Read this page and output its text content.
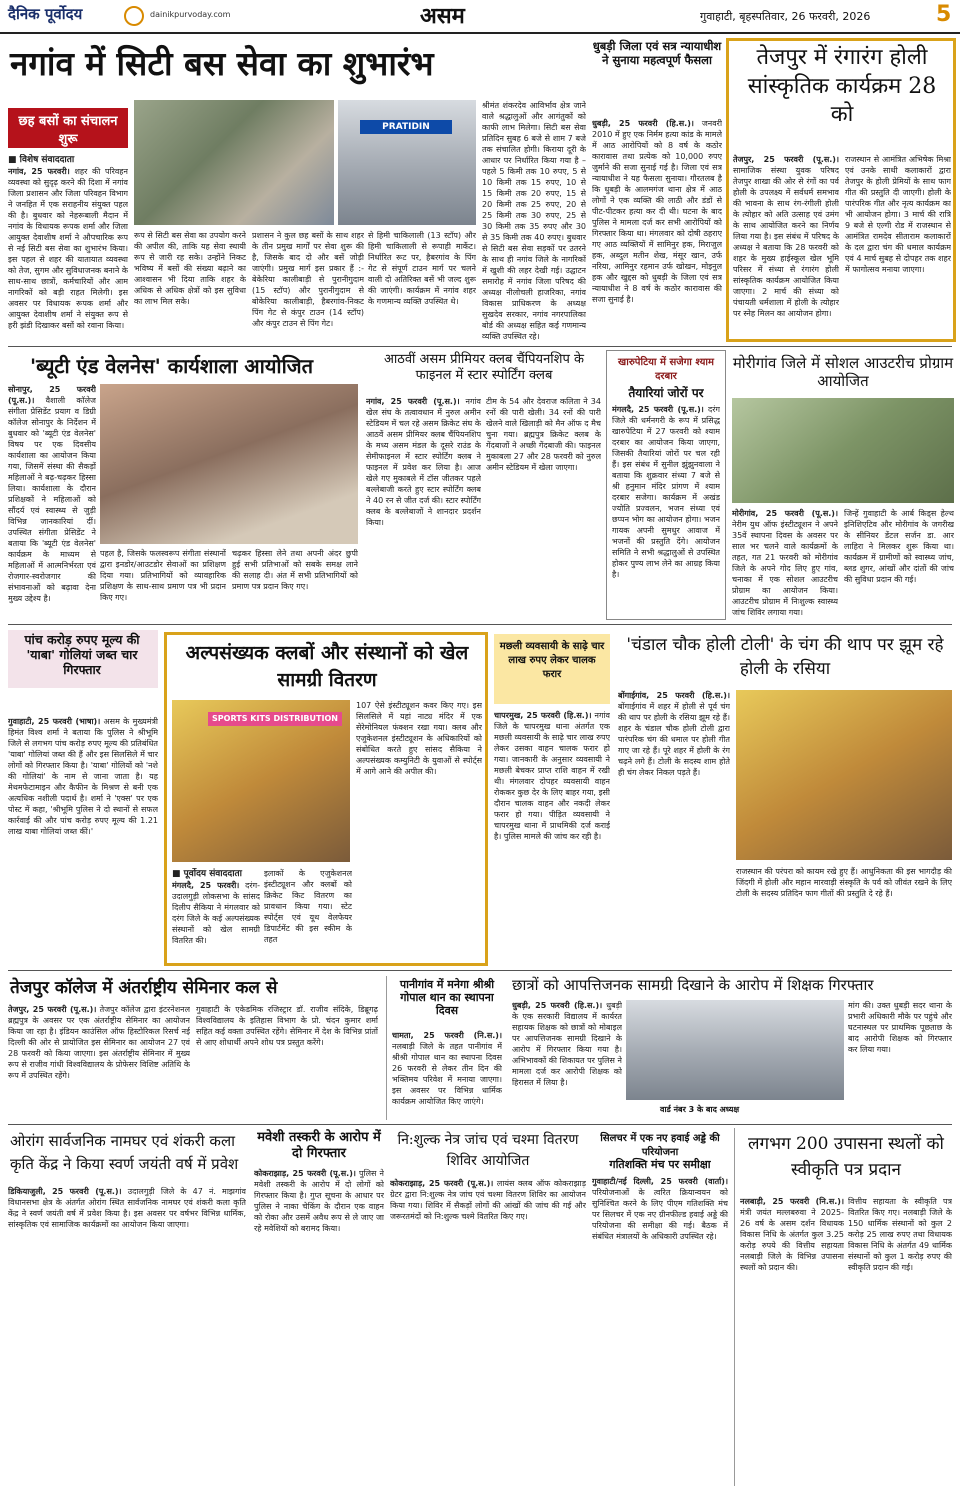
दैनिक पूर्वोदय	dainikpurvoday.com	असम	गुवाहाटी, बृहस्पतिवार, 26 फरवरी, 2026	5
नगांव में सिटी बस सेवा का शुभारंभ
छह बसों का संचालन शुरू
PRATIDIN
■ विशेष संवाददाता
नगांव, 25 फरवरी। शहर की परिवहन व्यवस्था को सुदृढ़ करने की दिशा में नगांव जिला प्रशासन और जिला परिवहन विभाग ने जनहित में एक सराहनीय संयुक्त पहल की है। बुधवार को नेहरूबाली मैदान में नगांव के विधायक रूपक शर्मा और जिला आयुक्त देवाशीष शर्मा ने औपचारिक रूप से नई सिटी बस सेवा का शुभारंभ किया। इस पहल से शहर की यातायात व्यवस्था को तेज, सुगम और सुविधाजनक बनाने के साथ-साथ छात्रों, कर्मचारियों और आम नागरिकों को बड़ी राहत मिलेगी। इस अवसर पर विधायक रूपक शर्मा और आयुक्त देवाशीष शर्मा ने संयुक्त रूप से हरी झंडी दिखाकर बसों को रवाना किया।
रूप से सिटी बस सेवा का उपयोग करने की अपील की, ताकि यह सेवा स्थायी रूप से जारी रह सके। उन्होंने निकट भविष्य में बसों की संख्या बढ़ाने का आश्वासन भी दिया ताकि शहर के अधिक से अधिक क्षेत्रों को इस सुविधा का लाभ मिल सके।
प्रशासन ने कुल छह बसों के साथ शहर के तीन प्रमुख मार्गों पर सेवा शुरू की है, जिसके बाद दो और बसें जोड़ी जाएंगी। प्रमुख मार्ग इस प्रकार हैं :- बेकेरिया कालीबाड़ी से पुरानीगुदाम (15 स्टॉप) और पुरानीगुदाम से बोकेरिया कालीबाड़ी, हैबरगांव-निकट पिंग गेट से कंपुर टाउन (14 स्टॉप) और कंपुर टाउन से पिंग गेट।
से हिमी चाकिलाली (13 स्टॉप) और हिमी चाकिलाली से रूपाही मार्केट। निर्धारित रूट पर, हैबरगांव के पिंग गेट से संपूर्ण टाउन मार्ग पर चलने वाली दो अतिरिक्त बसें भी जल्द शुरू की जाएंगी। कार्यक्रम में नगांव शहर के गणमान्य व्यक्ति उपस्थित थे।
श्रीमंत शंकरदेव आविर्भाव क्षेत्र जाने वाले श्रद्धालुओं और आगंतुकों को काफी लाभ मिलेगा। सिटी बस सेवा प्रतिदिन सुबह 6 बजे से शाम 7 बजे तक संचालित होगी। किराया दूरी के आधार पर निर्धारित किया गया है – पहले 5 किमी तक 10 रुपए, 5 से 10 किमी तक 15 रुपए, 10 से 15 किमी तक 20 रुपए, 15 से 20 किमी तक 25 रुपए, 20 से 25 किमी तक 30 रुपए, 25 से 30 किमी तक 35 रुपए और 30 से 35 किमी तक 40 रुपए। बुधवार से सिटी बस सेवा सड़कों पर उतरने के साथ ही नगांव जिले के नागरिकों में खुशी की लहर देखी गई। उद्घाटन समारोह में नगांव जिला परिषद की अध्यक्ष नीलोचली हाजरिका, नगांव विकास प्राधिकरण के अध्यक्ष सुखदेव सरकार, नगांव नगरपालिका बोर्ड की अध्यक्ष सहित कई गणमान्य व्यक्ति उपस्थित रहे।
धुबड़ी जिला एवं सत्र न्यायाधीश ने सुनाया महत्वपूर्ण फैसला
धुबड़ी, 25 फरवरी (हि.स.)। जनवरी 2010 में हुए एक निर्मम हत्या कांड के मामले में आठ आरोपियों को 8 वर्ष के कठोर कारावास तथा प्रत्येक को 10,000 रुपए जुर्माने की सजा सुनाई गई है। जिला एवं सत्र न्यायाधीश ने यह फैसला सुनाया। गौरतलब है कि धुबड़ी के आलमगंज थाना क्षेत्र में आठ लोगों ने एक व्यक्ति की लाठी और डंडों से पीट-पीटकर हत्या कर दी थी। घटना के बाद पुलिस ने मामला दर्ज कर सभी आरोपियों को गिरफ्तार किया था। मंगलवार को दोषी ठहराए गए आठ व्यक्तियों में सामिनुर हक, मिराजुल हक, अब्दुल मतीन शेख, मंसूर खान, उर्फ नरिया, आमिनुर रहमान उर्फ खोखन, मोइनुल हक और खुद्दस को धुबड़ी के जिला एवं सत्र न्यायाधीश ने 8 वर्ष के कठोर कारावास की सजा सुनाई है।
तेजपुर में रंगारंग होली सांस्कृतिक कार्यक्रम 28 को
तेजपुर, 25 फरवरी (पू.स.)। सामाजिक संस्था युवक परिषद तेजपुर शाखा की ओर से रंगों का पर्व होली के उपलक्ष्य में सर्वधर्म समभाव की भावना के साथ रंग-रंगीली होली के त्योहार को अति उत्साह एवं उमंग के साथ आयोजित करने का निर्णय लिया गया है। इस संबंध में परिषद के अध्यक्ष ने बताया कि 28 फरवरी को शहर के मुख्य हाईस्कूल खेल भूमि परिसर में संध्या से रंगारंग होली सांस्कृतिक कार्यक्रम आयोजित किया जाएगा। 2 मार्च की संध्या को पंचायती धर्मशाला में होली के त्योहार पर स्नेह मिलन का आयोजन होगा।
राजस्थान से आमंत्रित अभिषेक मिश्रा एवं उनके साथी कलाकारों द्वारा तेजपुर के होली प्रेमियों के साथ फाग गीत की प्रस्तुति दी जाएगी। होली के पारंपरिक गीत और नृत्य कार्यक्रम का भी आयोजन होगा। 3 मार्च की रात्रि 9 बजे से एल्गी रोड में राजस्थान से आमंत्रित रामदेव सीताराम कलाकारों के दल द्वारा चंग की धमाल कार्यक्रम एवं 4 मार्च सुबह से दोपहर तक शहर में फागोत्सव मनाया जाएगा।
'ब्यूटी एंड वेलनेस' कार्यशाला आयोजित
सोनापुर, 25 फरवरी (पू.स.)। वैशाली कॉलेज संगीता प्रेसिडेंट प्रयाग व डिग्री कॉलेज सोनापुर के निर्देशन में बुधवार को 'ब्यूटी एंड वेलनेस' विषय पर एक दिवसीय कार्यशाला का आयोजन किया गया, जिसमें संस्था की सैकड़ों महिलाओं ने बढ़-चढ़कर हिस्सा लिया। कार्यशाला के दौरान प्रशिक्षकों ने महिलाओं को सौंदर्य एवं स्वास्थ्य से जुड़ी विभिन्न जानकारियां दीं। उपस्थित संगीता प्रेसिडेंट ने बताया कि 'ब्यूटी एंड वेलनेस' कार्यक्रम के माध्यम से महिलाओं में आत्मनिर्भरता एवं रोजगार-स्वरोजगार की संभावनाओं को बढ़ावा देना मुख्य उद्देश्य है।
पहल है, जिसके फलस्वरूप संगीता संस्थानों द्वारा इनडोर/आउटडोर सेवाओं का प्रशिक्षण दिया गया। प्रतिभागियों को व्यावहारिक प्रशिक्षण के साथ-साथ प्रमाण पत्र भी प्रदान किए गए।
चढ़कर हिस्सा लेने तथा अपनी अंदर छुपी हुई सभी प्रतिभाओं को सबके समक्ष लाने की सलाह दी। अंत में सभी प्रतिभागियों को प्रमाण पत्र प्रदान किए गए।
आठवीं असम प्रीमियर क्लब चैंपियनशिप के फाइनल में स्टार स्पोर्टिंग क्लब
नगांव, 25 फरवरी (पू.स.)। नगांव खेल संघ के तत्वावधान में नुरुल अमीन स्टेडियम में चल रहे असम क्रिकेट संघ के आठवें असम प्रीमियर क्लब चैंपियनशिप के मध्य असम मंडल के दूसरे राउंड के सेमीफाइनल में स्टार स्पोर्टिंग क्लब ने फाइनल में प्रवेश कर लिया है। आज खेले गए मुकाबले में टॉस जीतकर पहले बल्लेबाजी करते हुए स्टार स्पोर्टिंग क्लब ने 40 रन से जीत दर्ज की। स्टार स्पोर्टिंग क्लब के बल्लेबाजों ने शानदार प्रदर्शन किया।
टीम के 54 और देवराज कलिता ने 34 रनों की पारी खेली। 34 रनों की पारी खेलने वाले खिलाड़ी को मैन ऑफ द मैच चुना गया। ब्रह्मपुत्र क्रिकेट क्लब के गेंदबाजों ने अच्छी गेंदबाजी की। फाइनल मुकाबला 27 और 28 फरवरी को नुरुल अमीन स्टेडियम में खेला जाएगा।
खारुपेटिया में सजेगा श्याम दरबार
तैयारियां जोरों पर
मंगलदै, 25 फरवरी (पू.स.)। दरंग जिले की धर्मनगरी के रूप में प्रसिद्ध खारुपेटिया में 27 फरवरी को श्याम दरबार का आयोजन किया जाएगा, जिसकी तैयारियां जोरों पर चल रही हैं। इस संबंध में सुनील झुंझुनवाला ने बताया कि शुक्रवार संध्या 7 बजे से श्री हनुमान मंदिर प्रांगण में श्याम दरबार सजेगा। कार्यक्रम में अखंड ज्योति प्रज्वलन, भजन संध्या एवं छप्पन भोग का आयोजन होगा। भजन गायक अपनी सुमधुर आवाज में भजनों की प्रस्तुति देंगे। आयोजन समिति ने सभी श्रद्धालुओं से उपस्थित होकर पुण्य लाभ लेने का आग्रह किया है।
मोरीगांव जिले में सोशल आउटरीच प्रोग्राम आयोजित
मोरीगांव, 25 फरवरी (पू.स.)। नेरीम युथ ऑफ इंस्टीट्यूशन ने अपने 35वें स्थापना दिवस के अवसर पर साल भर चलने वाले कार्यक्रमों के तहत, गत 21 फरवरी को मोरीगांव जिले के अपने गोद लिए हुए गांव, चनाका में एक सोशल आउटरीच प्रोग्राम का आयोजन किया। आउटरीच प्रोग्राम में निःशुल्क स्वास्थ्य जांच शिविर लगाया गया।
जिन्हें गुवाहाटी के आर्ब किड्स हेल्थ इनिशिएटिव और मोरीगांव के जगरीख के सीनियर डेंटल सर्जन डा. आर लाहिरा ने मिलकर शुरू किया था। कार्यक्रम में ग्रामीणों को स्वास्थ्य जांच, ब्लड शुगर, आंखों और दांतों की जांच की सुविधा प्रदान की गई।
पांच करोड़ रुपए मूल्य की 'याबा' गोलियां जब्त चार गिरफ्तार
गुवाहाटी, 25 फरवरी (भाषा)। असम के मुख्यमंत्री हिमंत विश्व शर्मा ने बताया कि पुलिस ने श्रीभूमि जिले से लगभग पांच करोड़ रुपए मूल्य की प्रतिबंधित 'याबा' गोलियां जब्त की हैं और इस सिलसिले में चार लोगों को गिरफ्तार किया है। 'याबा' गोलियों को 'नशे की गोलियां' के नाम से जाना जाता है। यह मेथमफेटामाइन और कैफीन के मिश्रण से बनी एक अत्यधिक नशीली पदार्थ है। शर्मा ने 'एक्स' पर एक पोस्ट में कहा, 'श्रीभूमि पुलिस ने दो स्थानों से सफल कार्रवाई की और पांच करोड़ रुपए मूल्य की 1.21 लाख याबा गोलियां जब्त कीं।'
अल्पसंख्यक क्लबों और संस्थानों को खेल सामग्री वितरण
SPORTS KITS DISTRIBUTION
107 ऐसे इंस्टीट्यूशन कवर किए गए। इस सिलसिले में यहां नाट्य मंदिर में एक सेरेमोनियल फंक्शन रखा गया। क्लब और एजुकेशनल इंस्टीट्यूशन के अधिकारियों को संबोधित करते हुए सांसद सैकिया ने अल्पसंख्यक कम्युनिटी के युवाओं से स्पोर्ट्स में आगे आने की अपील की।
■ पूर्वोदय संवाददाता
मंगलदै, 25 फरवरी। दरंग-उदालगुड़ी लोकसभा के सांसद दिलीप सैकिया ने मंगलवार को दरंग जिले के कई अल्पसंख्यक संस्थानों को खेल सामग्री वितरित की।
इलाकों के एजुकेशनल इंस्टीट्यूशन और क्लबों को क्रिकेट किट वितरण का प्रावधान किया गया। स्टेट स्पोर्ट्स एवं यूथ वेलफेयर डिपार्टमेंट की इस स्कीम के तहत
मछली व्यवसायी के साढ़े चार लाख रुपए लेकर चालक फरार
चापरमुख, 25 फरवरी (हि.स.)। नगांव जिले के चापरमुख थाना अंतर्गत एक मछली व्यवसायी के साढ़े चार लाख रुपए लेकर उसका वाहन चालक फरार हो गया। जानकारी के अनुसार व्यवसायी ने मछली बेचकर प्राप्त राशि वाहन में रखी थी। मंगलवार दोपहर व्यवसायी वाहन रोककर कुछ देर के लिए बाहर गया, इसी दौरान चालक वाहन और नकदी लेकर फरार हो गया। पीड़ित व्यवसायी ने चापरमुख थाना में प्राथमिकी दर्ज कराई है। पुलिस मामले की जांच कर रही है।
'चंडाल चौक होली टोली' के चंग की थाप पर झूम रहे होली के रसिया
बोंगाईगांव, 25 फरवरी (हि.स.)। बोंगाईगांव में शहर में होली से पूर्व चंग की थाप पर होली के रसिया झूम रहे हैं। शहर के चंडाल चौक होली टोली द्वारा पारंपरिक चंग की धमाल पर होली गीत गाए जा रहे हैं। पूरे शहर में होली के रंग चढ़ने लगे हैं। टोली के सदस्य शाम होते ही चंग लेकर निकल पड़ते हैं।
राजस्थान की परंपरा को कायम रखे हुए हैं। आधुनिकता की इस भागदौड़ की जिंदगी में होली और महान मारवाड़ी संस्कृति के पर्व को जीवंत रखने के लिए टोली के सदस्य प्रतिदिन फाग गीतों की प्रस्तुति दे रहे हैं।
तेजपुर कॉलेज में अंतर्राष्ट्रीय सेमिनार कल से
तेजपुर, 25 फरवरी (पू.स.)। तेजपुर कॉलेज द्वारा इंटरनेशनल ब्रह्मपुत्र के अवसर पर एक अंतर्राष्ट्रीय सेमिनार का आयोजन किया जा रहा है। इंडियन काउंसिल ऑफ हिस्टोरिकल रिसर्च नई दिल्ली की ओर से प्रायोजित इस सेमिनार का आयोजन 27 एवं 28 फरवरी को किया जाएगा। इस अंतर्राष्ट्रीय सेमिनार में मुख्य रूप से राजीव गांधी विश्वविद्यालय के प्रोफेसर विशिष्ट अतिथि के रूप में उपस्थित रहेंगे।
गुवाहाटी के एकेडमिक रजिस्ट्रार डॉ. राजीव संदिके, डिब्रूगढ़ विश्वविद्यालय के इतिहास विभाग के प्रो. चंदन कुमार शर्मा सहित कई वक्ता उपस्थित रहेंगे। सेमिनार में देश के विभिन्न प्रांतों से आए शोधार्थी अपने शोध पत्र प्रस्तुत करेंगे।
पानीगांव में मनेगा श्रीश्री गोपाल थान का स्थापना दिवस
चामता, 25 फरवरी (नि.स.)। नलबाड़ी जिले के तहत पानीगांव में श्रीश्री गोपाल थान का स्थापना दिवस 26 फरवरी से लेकर तीन दिन की भक्तिमय परिवेश में मनाया जाएगा। इस अवसर पर विभिन्न धार्मिक कार्यक्रम आयोजित किए जाएंगे।
छात्रों को आपत्तिजनक सामग्री दिखाने के आरोप में शिक्षक गिरफ्तार
धुबड़ी, 25 फरवरी (हि.स.)। धुबड़ी के एक सरकारी विद्यालय में कार्यरत सहायक शिक्षक को छात्रों को मोबाइल पर आपत्तिजनक सामग्री दिखाने के आरोप में गिरफ्तार किया गया है। अभिभावकों की शिकायत पर पुलिस ने मामला दर्ज कर आरोपी शिक्षक को हिरासत में लिया है।
वार्ड नंबर 3 के बाद अध्यक्ष
मांग की। उक्त धुबड़ी सदर थाना के प्रभारी अधिकारी मौके पर पहुंचे और घटनास्थल पर प्राथमिक पूछताछ के बाद आरोपी शिक्षक को गिरफ्तार कर लिया गया।
ओरांग सार्वजनिक नामघर एवं शंकरी कला कृति केंद्र ने किया स्वर्ण जयंती वर्ष में प्रवेश
डिकियाजुली, 25 फरवरी (पू.स.)। उदालगुड़ी जिले के 47 नं. माझगांव विधानसभा क्षेत्र के अंतर्गत ओरांग स्थित सार्वजनिक नामघर एवं शंकरी कला कृति केंद्र ने स्वर्ण जयंती वर्ष में प्रवेश किया है। इस अवसर पर वर्षभर विभिन्न धार्मिक, सांस्कृतिक एवं सामाजिक कार्यक्रमों का आयोजन किया जाएगा।
मवेशी तस्करी के आरोप में दो गिरफ्तार
कोकराझाड़, 25 फरवरी (पू.स.)। पुलिस ने मवेशी तस्करी के आरोप में दो लोगों को गिरफ्तार किया है। गुप्त सूचना के आधार पर पुलिस ने नाका चेकिंग के दौरान एक वाहन को रोका और उसमें अवैध रूप से ले जाए जा रहे मवेशियों को बरामद किया।
नि:शुल्क नेत्र जांच एवं चश्मा वितरण शिविर आयोजित
कोकराझाड़, 25 फरवरी (पू.स.)। लायंस क्लब ऑफ कोकराझाड़ ग्रेटर द्वारा नि:शुल्क नेत्र जांच एवं चश्मा वितरण शिविर का आयोजन किया गया। शिविर में सैकड़ों लोगों की आंखों की जांच की गई और जरूरतमंदों को नि:शुल्क चश्मे वितरित किए गए।
सिलचर में एक नए हवाई अड्डे की परियोजना
गतिशक्ति मंच पर समीक्षा
गुवाहाटी/नई दिल्ली, 25 फरवरी (वार्ता)। परियोजनाओं के त्वरित क्रियान्वयन को सुनिश्चित करने के लिए पीएम गतिशक्ति मंच पर सिलचर में एक नए ग्रीनफील्ड हवाई अड्डे की परियोजना की समीक्षा की गई। बैठक में संबंधित मंत्रालयों के अधिकारी उपस्थित रहे।
लगभग 200 उपासना स्थलों को स्वीकृति पत्र प्रदान
नलबाड़ी, 25 फरवरी (नि.स.)। मंत्री जयंत मल्लबरुवा ने 2025-26 वर्ष के असम दर्शन विधायक विकास निधि के अंतर्गत कुल 3.25 करोड़ रुपये की वित्तीय सहायता नलबाड़ी जिले के विभिन्न उपासना स्थलों को प्रदान की।
वित्तीय सहायता के स्वीकृति पत्र वितरित किए गए। नलबाड़ी जिले के 150 धार्मिक संस्थानों को कुल 2 करोड़ 25 लाख रुपए तथा विधायक विकास निधि के अंतर्गत 49 धार्मिक संस्थानों को कुल 1 करोड़ रुपए की स्वीकृति प्रदान की गई।
